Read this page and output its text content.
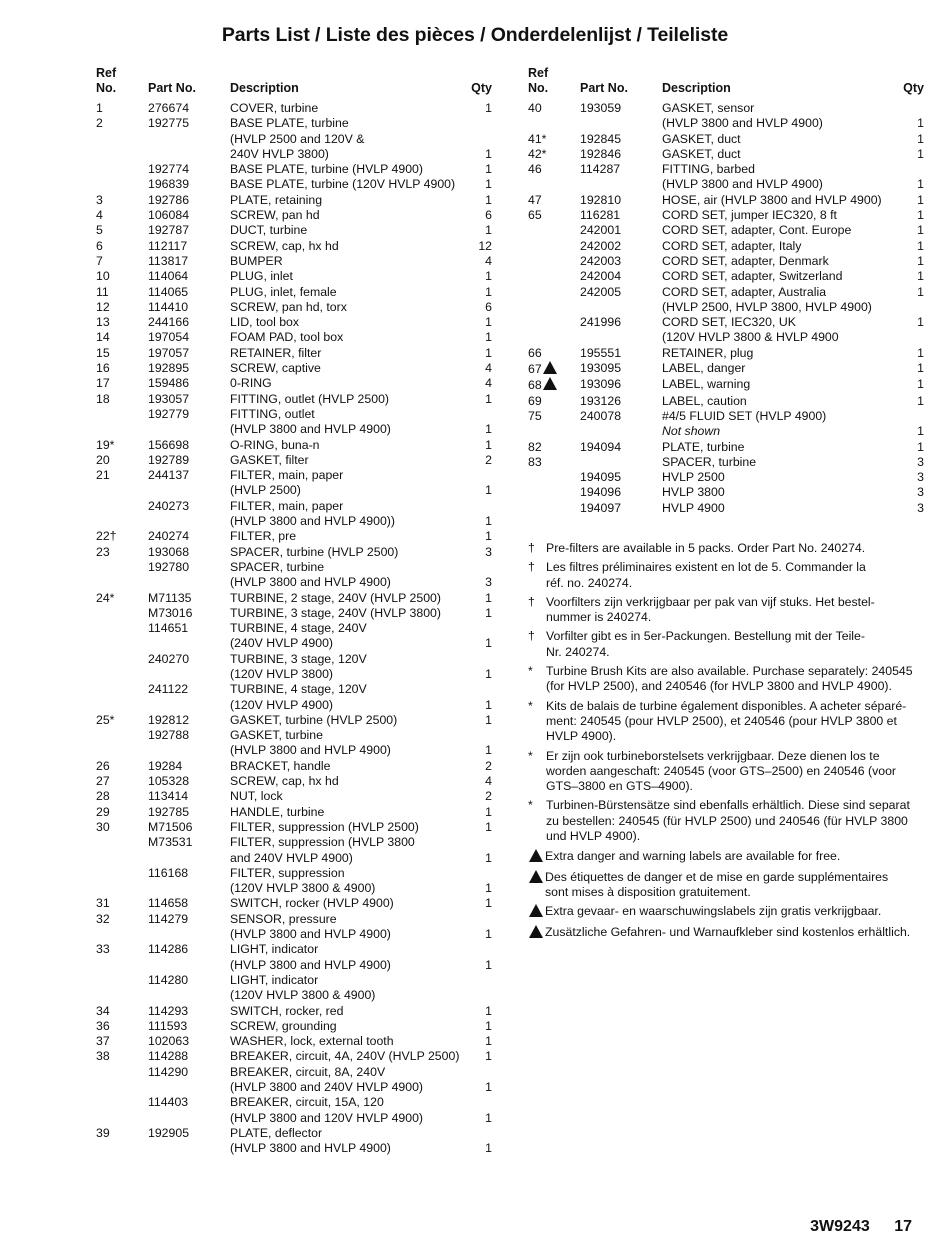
Parts List / Liste des pièces / Onderdelenlijst / Teileliste
Ref
No.	Part No.	Description	Qty
1	276674	COVER, turbine	1
2	192775	BASE PLATE, turbine	
		(HVLP 2500 and 120V &	
		240V HVLP 3800)	1
	192774	BASE PLATE, turbine (HVLP 4900)	1
	196839	BASE PLATE, turbine (120V HVLP 4900)	1
3	192786	PLATE, retaining	1
4	106084	SCREW, pan hd	6
5	192787	DUCT, turbine	1
6	112117	SCREW, cap, hx hd	12
7	113817	BUMPER	4
10	114064	PLUG, inlet	1
11	114065	PLUG, inlet, female	1
12	114410	SCREW, pan hd, torx	6
13	244166	LID, tool box	1
14	197054	FOAM PAD, tool box	1
15	197057	RETAINER, filter	1
16	192895	SCREW, captive	4
17	159486	0-RING	4
18	193057	FITTING, outlet (HVLP 2500)	1
	192779	FITTING, outlet	
		(HVLP 3800 and HVLP 4900)	1
19*	156698	O-RING, buna-n	1
20	192789	GASKET, filter	2
21	244137	FILTER, main, paper	
		(HVLP 2500)	1
	240273	FILTER, main, paper	
		(HVLP 3800 and HVLP 4900))	1
22†	240274	FILTER, pre	1
23	193068	SPACER, turbine (HVLP 2500)	3
	192780	SPACER, turbine	
		(HVLP 3800 and HVLP 4900)	3
24*	M71135	TURBINE, 2 stage, 240V (HVLP 2500)	1
	M73016	TURBINE, 3 stage, 240V (HVLP 3800)	1
	114651	TURBINE, 4 stage, 240V	
		(240V HVLP 4900)	1
	240270	TURBINE, 3 stage, 120V	
		(120V HVLP 3800)	1
	241122	TURBINE, 4 stage, 120V	
		(120V HVLP 4900)	1
25*	192812	GASKET, turbine (HVLP 2500)	1
	192788	GASKET, turbine	
		(HVLP 3800 and HVLP 4900)	1
26	19284	BRACKET, handle	2
27	105328	SCREW, cap, hx hd	4
28	113414	NUT, lock	2
29	192785	HANDLE, turbine	1
30	M71506	FILTER, suppression (HVLP 2500)	1
	M73531	FILTER, suppression (HVLP 3800	
		and 240V HVLP 4900)	1
	116168	FILTER, suppression	
		(120V HVLP 3800 & 4900)	1
31	114658	SWITCH, rocker (HVLP 4900)	1
32	114279	SENSOR, pressure	
		(HVLP 3800 and HVLP 4900)	1
33	114286	LIGHT, indicator	
		(HVLP 3800 and HVLP 4900)	1
	114280	LIGHT, indicator	
		(120V HVLP 3800 & 4900)	
34	114293	SWITCH, rocker, red	1
36	111593	SCREW, grounding	1
37	102063	WASHER, lock, external tooth	1
38	114288	BREAKER, circuit, 4A, 240V (HVLP 2500)	1
	114290	BREAKER, circuit, 8A, 240V	
		(HVLP 3800 and 240V HVLP 4900)	1
	114403	BREAKER, circuit, 15A, 120	
		(HVLP 3800 and 120V HVLP 4900)	1
39	192905	PLATE, deflector	
		(HVLP 3800 and HVLP 4900)	1
Ref
No.	Part No.	Description	Qty
40	193059	GASKET, sensor	
		(HVLP 3800 and HVLP 4900)	1
41*	192845	GASKET, duct	1
42*	192846	GASKET, duct	1
46	114287	FITTING, barbed	
		(HVLP 3800 and HVLP 4900)	1
47	192810	HOSE, air (HVLP 3800 and HVLP 4900)	1
65	116281	CORD SET, jumper IEC320, 8 ft	1
	242001	CORD SET, adapter, Cont. Europe	1
	242002	CORD SET, adapter, Italy	1
	242003	CORD SET, adapter, Denmark	1
	242004	CORD SET, adapter, Switzerland	1
	242005	CORD SET, adapter, Australia	1
		(HVLP 2500, HVLP 3800, HVLP 4900)	
	241996	CORD SET, IEC320, UK	1
		(120V HVLP 3800 & HVLP 4900	
66	195551	RETAINER, plug	1
67	193095	LABEL, danger	1
68	193096	LABEL, warning	1
69	193126	LABEL, caution	1
75	240078	#4/5 FLUID SET (HVLP 4900)	
		Not shown	1
82	194094	PLATE, turbine	1
83		SPACER, turbine	3
	194095	HVLP 2500	3
	194096	HVLP 3800	3
	194097	HVLP 4900	3
† Pre-filters are available in 5 packs. Order Part No. 240274.
† Les filtres préliminaires existent en lot de 5. Commander la
réf. no. 240274.
† Voorfilters zijn verkrijgbaar per pak van vijf stuks. Het bestel-
nummer is 240274.
† Vorfilter gibt es in 5er-Packungen. Bestellung mit der Teile-
Nr. 240274.
*	Turbine Brush Kits are also available. Purchase separately: 240545
(for HVLP 2500), and 240546 (for HVLP 3800 and HVLP 4900).
*	Kits de balais de turbine également disponibles. A acheter séparé-
ment: 240545 (pour HVLP 2500), et 240546 (pour HVLP 3800 et
HVLP 4900).
*	Er zijn ook turbineborstelsets verkrijgbaar. Deze dienen los te
worden aangeschaft: 240545 (voor GTS–2500) en 240546 (voor
GTS–3800 en GTS–4900).
*	Turbinen-Bürstensätze sind ebenfalls erhältlich. Diese sind separat
zu bestellen: 240545 (für HVLP 2500) und 240546 (für HVLP 3800
und HVLP 4900).
Extra danger and warning labels are available for free.
Des étiquettes de danger et de mise en garde supplémentaires
sont mises à disposition gratuitement.
Extra gevaar- en waarschuwingslabels zijn gratis verkrijgbaar.
Zusätzliche Gefahren- und Warnaufkleber sind kostenlos erhältlich.
3W9243 17
